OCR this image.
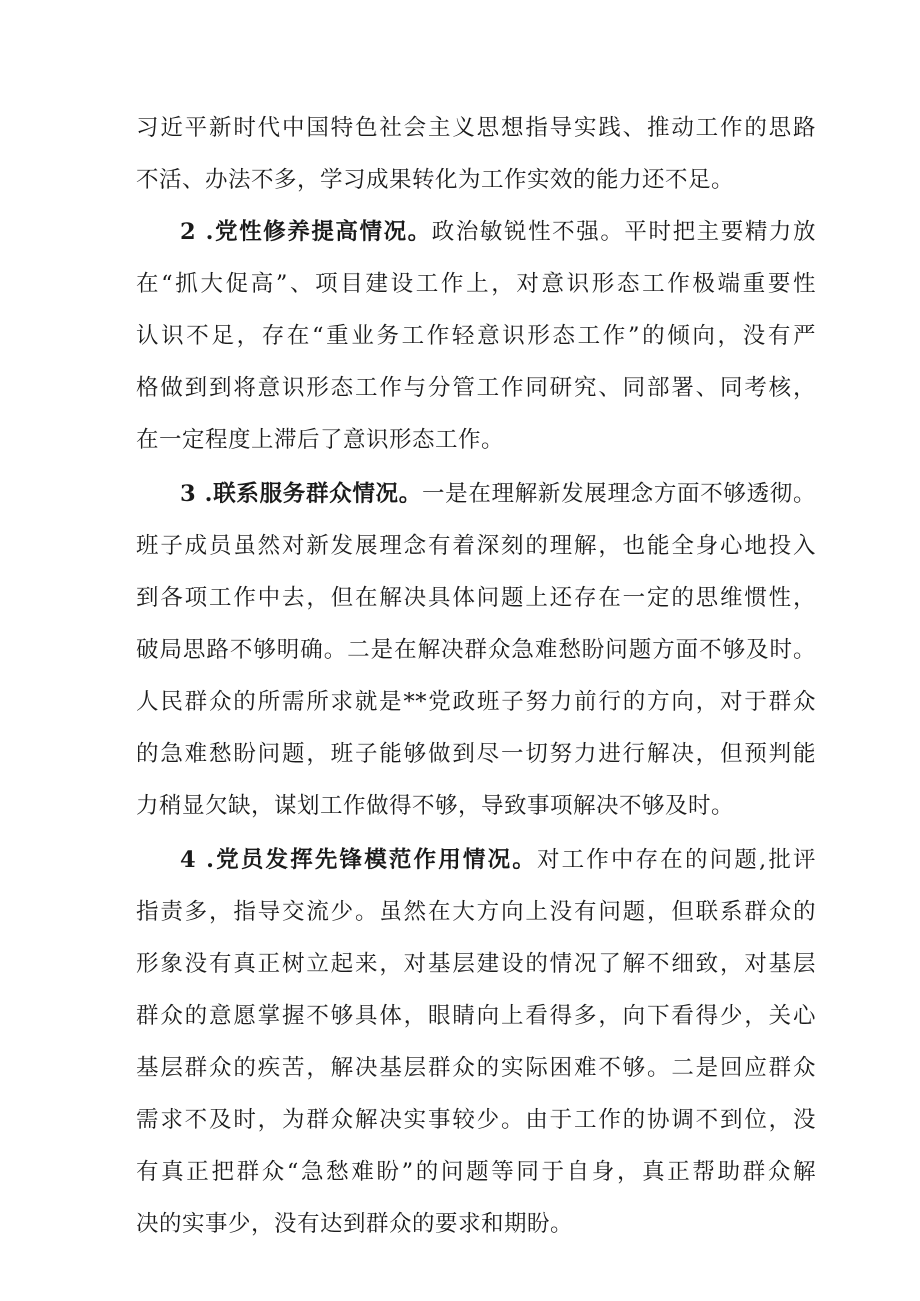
习近平新时代中国特色社会主义思想指导实践、推动工作的思路
不活、办法不多，学习成果转化为工作实效的能力还不足。
2 .党性修养提高情况。政治敏锐性不强。平时把主要精力放
在“抓大促高”、项目建设工作上，对意识形态工作极端重要性
认识不足，存在“重业务工作轻意识形态工作”的倾向，没有严
格做到到将意识形态工作与分管工作同研究、同部署、同考核，
在一定程度上滞后了意识形态工作。
3 .联系服务群众情况。一是在理解新发展理念方面不够透彻。
班子成员虽然对新发展理念有着深刻的理解，也能全身心地投入
到各项工作中去，但在解决具体问题上还存在一定的思维惯性，
破局思路不够明确。二是在解决群众急难愁盼问题方面不够及时。
人民群众的所需所求就是**党政班子努力前行的方向，对于群众
的急难愁盼问题，班子能够做到尽一切努力进行解决，但预判能
力稍显欠缺，谋划工作做得不够，导致事项解决不够及时。
4 .党员发挥先锋模范作用情况。对工作中存在的问题,批评
指责多，指导交流少。虽然在大方向上没有问题，但联系群众的
形象没有真正树立起来，对基层建设的情况了解不细致，对基层
群众的意愿掌握不够具体，眼睛向上看得多，向下看得少，关心
基层群众的疾苦，解决基层群众的实际困难不够。二是回应群众
需求不及时，为群众解决实事较少。由于工作的协调不到位，没
有真正把群众“急愁难盼”的问题等同于自身，真正帮助群众解
决的实事少，没有达到群众的要求和期盼。
